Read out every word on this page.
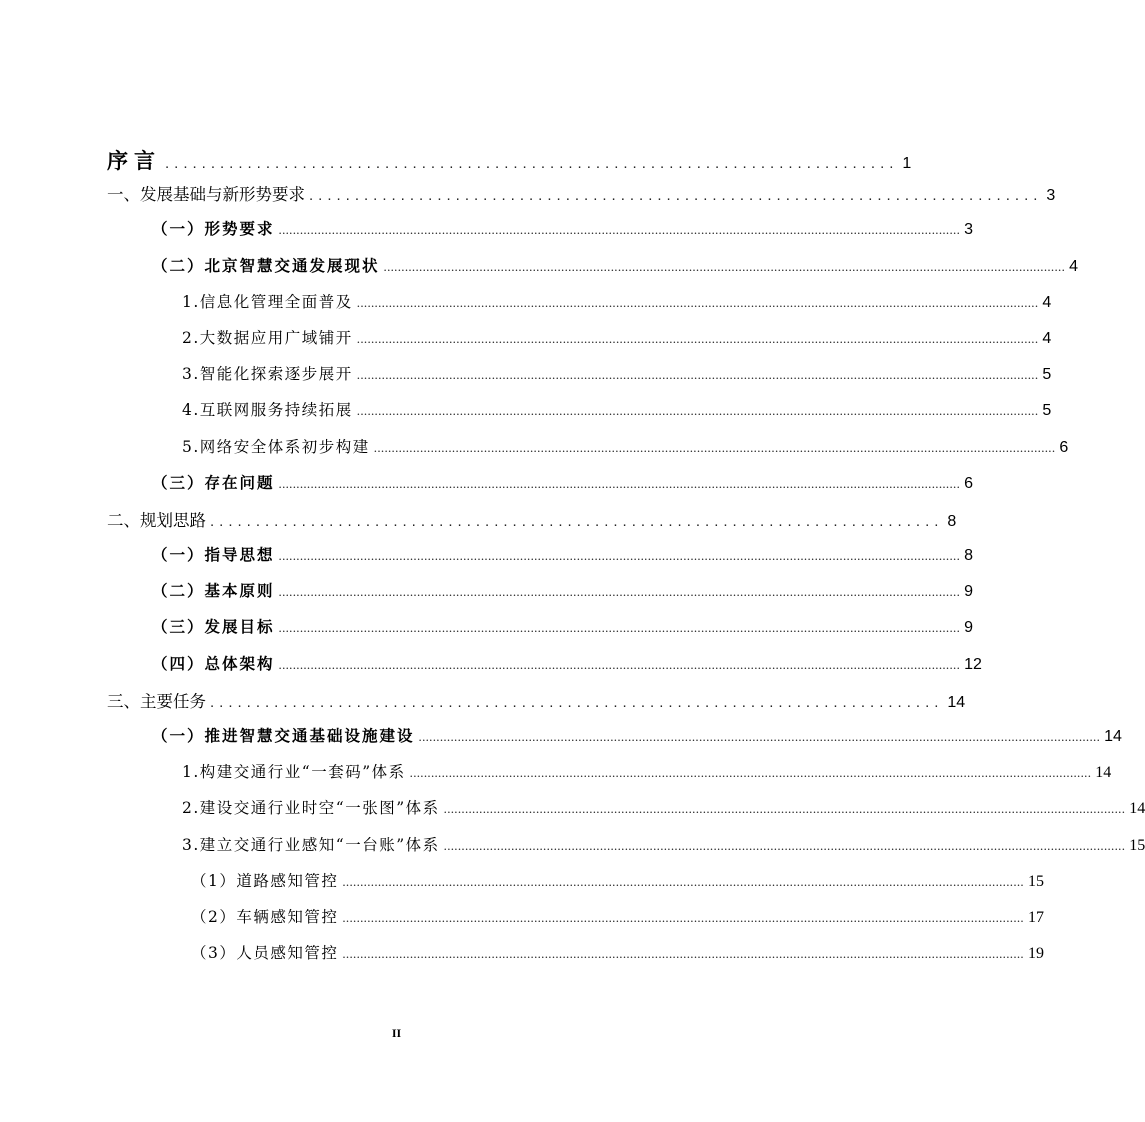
序言 ................................................................................ 1
一、发展基础与新形势要求 ................................................................................ 3
（一）形势要求 ................................................................................................................................................................................................ 3
（二）北京智慧交通发展现状 ................................................................................................................................................................................................ 4
1.信息化管理全面普及 ................................................................................................................................................................................................ 4
2.大数据应用广域铺开 ................................................................................................................................................................................................ 4
3.智能化探索逐步展开 ................................................................................................................................................................................................ 5
4.互联网服务持续拓展 ................................................................................................................................................................................................ 5
5.网络安全体系初步构建 ................................................................................................................................................................................................ 6
（三）存在问题 ................................................................................................................................................................................................ 6
二、规划思路 ................................................................................ 8
（一）指导思想 ................................................................................................................................................................................................ 8
（二）基本原则 ................................................................................................................................................................................................ 9
（三）发展目标 ................................................................................................................................................................................................ 9
（四）总体架构 ................................................................................................................................................................................................ 12
三、主要任务 ................................................................................ 14
（一）推进智慧交通基础设施建设 ................................................................................................................................................................................................ 14
1.构建交通行业“一套码”体系 ................................................................................................................................................................................................ 14
2.建设交通行业时空“一张图”体系 ................................................................................................................................................................................................ 14
3.建立交通行业感知“一台账”体系 ................................................................................................................................................................................................ 15
（1）道路感知管控 ................................................................................................................................................................................................ 15
（2）车辆感知管控 ................................................................................................................................................................................................ 17
（3）人员感知管控 ................................................................................................................................................................................................ 19
II
